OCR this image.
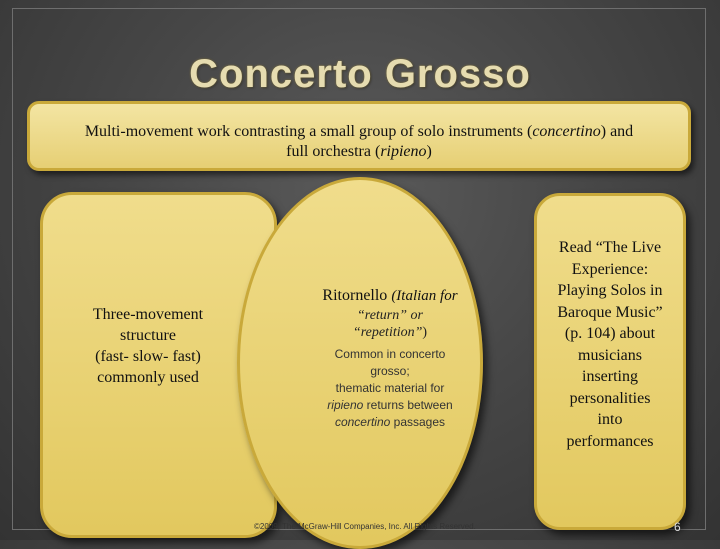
Concerto Grosso
Multi-movement work contrasting a small group of solo instruments (concertino) and
full orchestra (ripieno)
Three-movement
structure
(fast- slow- fast)
commonly used
Ritornello (Italian for
“return” or
“repetition”)
Common in concerto
grosso;
thematic material for
ripieno returns between
concertino passages
Read “The Live
Experience:
Playing Solos in
Baroque Music”
(p. 104) about
musicians
inserting
personalities
into
performances
©2009, The McGraw-Hill Companies, Inc. All Rights Reserved.	6
